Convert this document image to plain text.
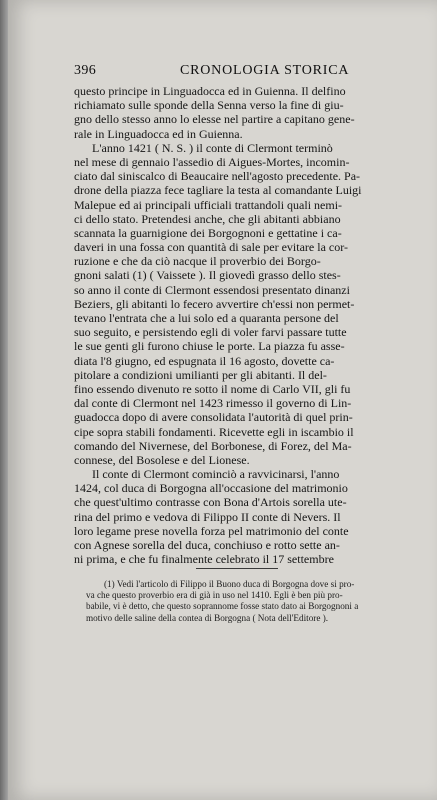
396	CRONOLOGIA STORICA
questo principe in Linguadocca ed in Guienna. Il delfino
richiamato sulle sponde della Senna verso la fine di giu-
gno dello stesso anno lo elesse nel partire a capitano gene-
rale in Linguadocca ed in Guienna.
L'anno 1421 ( N. S. ) il conte di Clermont terminò
nel mese di gennaio l'assedio di Aigues-Mortes, incomin-
ciato dal siniscalco di Beaucaire nell'agosto precedente. Pa-
drone della piazza fece tagliare la testa al comandante Luigi
Malepue ed ai principali ufficiali trattandoli quali nemi-
ci dello stato. Pretendesi anche, che gli abitanti abbiano
scannata la guarnigione dei Borgognoni e gettatine i ca-
daveri in una fossa con quantità di sale per evitare la cor-
ruzione e che da ciò nacque il proverbio dei Borgo-
gnoni salati (1) ( Vaissete ). Il giovedì grasso dello stes-
so anno il conte di Clermont essendosi presentato dinanzi
Beziers, gli abitanti lo fecero avvertire ch'essi non permet-
tevano l'entrata che a lui solo ed a quaranta persone del
suo seguito, e persistendo egli di voler farvi passare tutte
le sue genti gli furono chiuse le porte. La piazza fu asse-
diata l'8 giugno, ed espugnata il 16 agosto, dovette ca-
pitolare a condizioni umilianti per gli abitanti. Il del-
fino essendo divenuto re sotto il nome di Carlo VII, gli fu
dal conte di Clermont nel 1423 rimesso il governo di Lin-
guadocca dopo di avere consolidata l'autorità di quel prin-
cipe sopra stabili fondamenti. Ricevette egli in iscambio il
comando del Nivernese, del Borbonese, di Forez, del Ma-
connese, del Bosolese e del Lionese.
Il conte di Clermont cominciò a ravvicinarsi, l'anno
1424, col duca di Borgogna all'occasione del matrimonio
che quest'ultimo contrasse con Bona d'Artois sorella ute-
rina del primo e vedova di Filippo II conte di Nevers. Il
loro legame prese novella forza pel matrimonio del conte
con Agnese sorella del duca, conchiuso e rotto sette an-
ni prima, e che fu finalmente celebrato il 17 settembre
(1) Vedi l'articolo di Filippo il Buono duca di Borgogna dove si pro-
va che questo proverbio era di già in uso nel 1410. Egli è ben più pro-
babile, vi è detto, che questo soprannome fosse stato dato ai Borgognoni a
motivo delle saline della contea di Borgogna ( Nota dell'Editore ).
